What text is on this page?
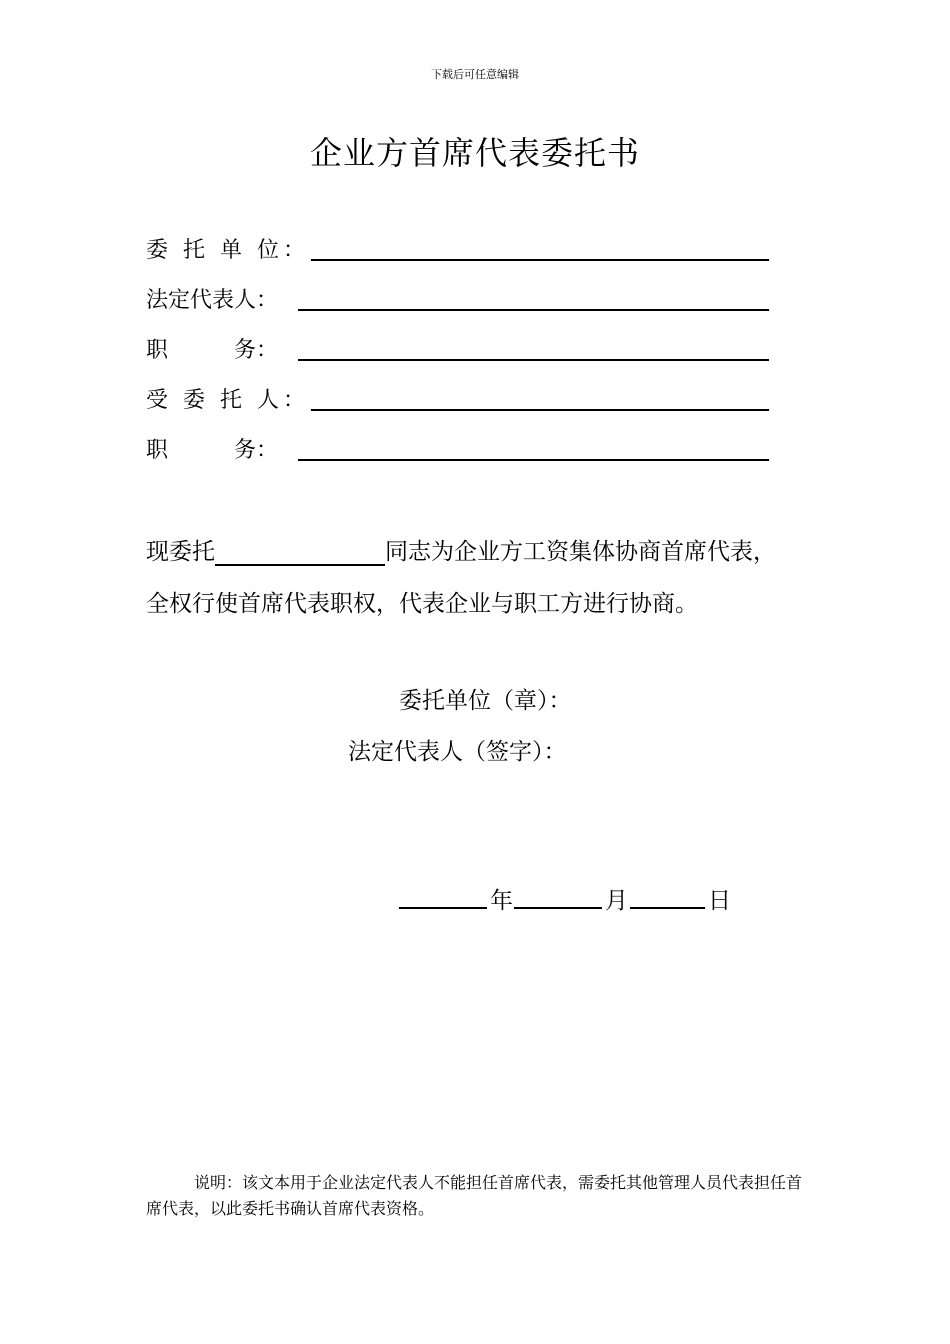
下载后可任意编辑
企业方首席代表委托书
委 托 单 位：
法定代表人：
职　　　务：
受 委 托 人：
职　　　务：
现委托	同志为企业方工资集体协商首席代表，
全权行使首席代表职权，代表企业与职工方进行协商。
委托单位（章）：
法定代表人（签字）：
年	月	日
说明：该文本用于企业法定代表人不能担任首席代表，需委托其他管理人员代表担任首席代表，以此委托书确认首席代表资格。
